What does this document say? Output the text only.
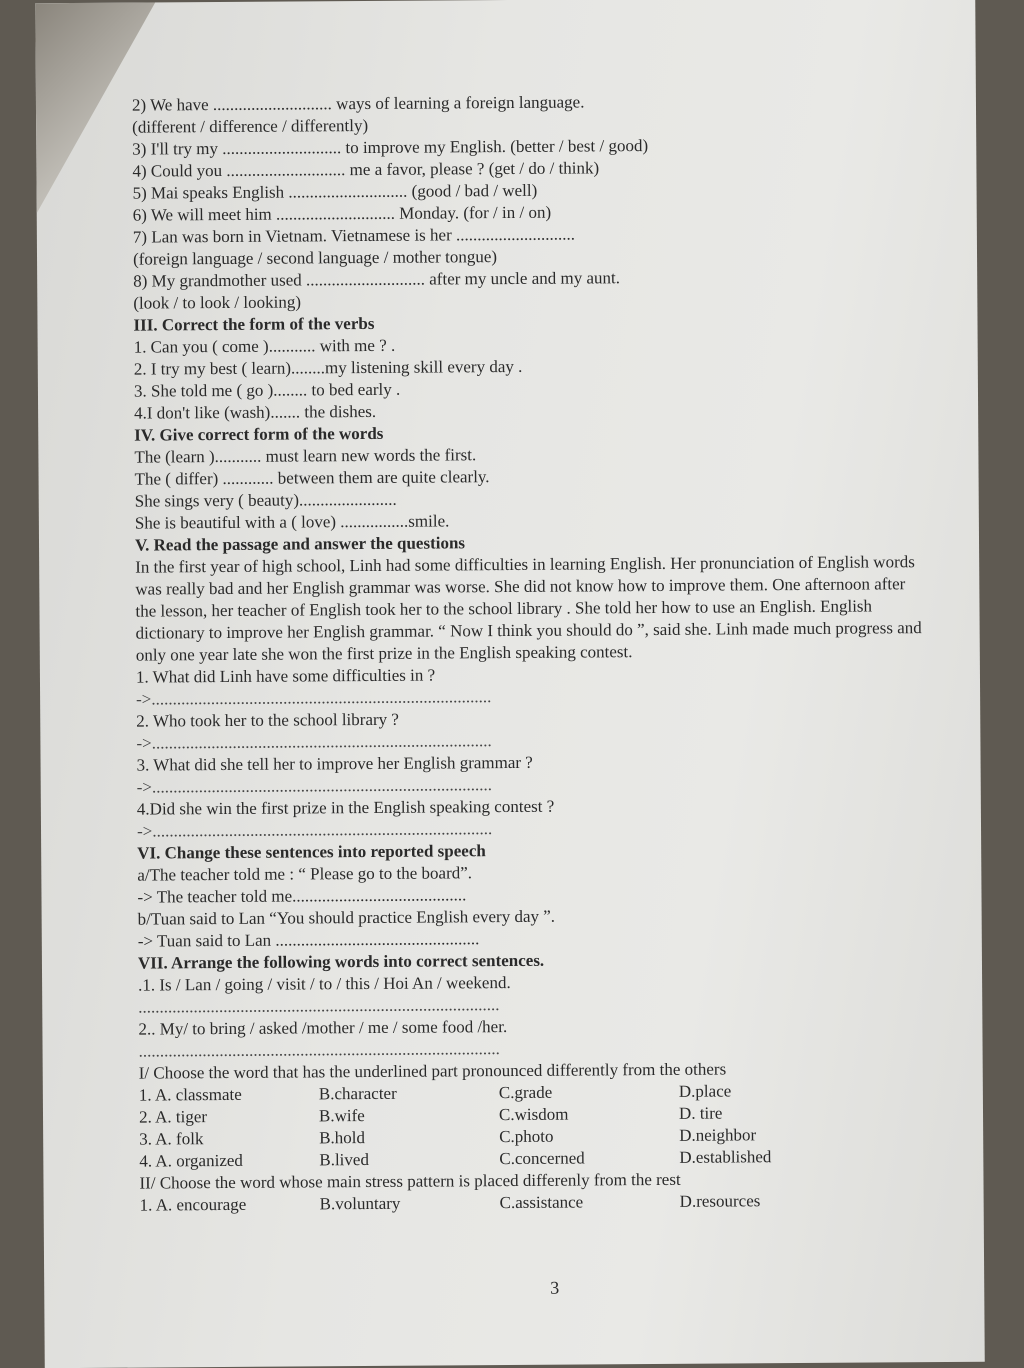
2) We have ............................ ways of learning a foreign language.
(different / difference / differently)
3) I'll try my ............................ to improve my English. (better / best / good)
4) Could you ............................ me a favor, please ? (get / do / think)
5) Mai speaks English ............................ (good / bad / well)
6) We will meet him ............................ Monday. (for / in / on)
7) Lan was born in Vietnam. Vietnamese is her ............................
(foreign language / second language / mother tongue)
8) My grandmother used ............................ after my uncle and my aunt.
(look / to look / looking)
III. Correct the form of the verbs
1. Can you ( come )........... with me ? .
2. I try my best ( learn)........my listening skill every day .
3. She told me ( go )........ to bed early .
4.I don't like (wash)....... the dishes.
IV. Give correct form of the words
The (learn )........... must learn new words the first.
The ( differ) ............ between them are quite clearly.
She sings very ( beauty).......................
She is beautiful with a ( love) ................smile.
V. Read the passage and answer the questions
In the first year of high school, Linh had some difficulties in learning English. Her pronunciation of English words was really bad and her English grammar was worse. She did not know how to improve them. One afternoon after the lesson, her teacher of English took her to the school library . She told her how to use an English. English dictionary to improve her English grammar. “ Now I think you should do ”, said she. Linh made much progress and only one year late she won the first prize in the English speaking contest.
1. What did Linh have some difficulties in ?
->................................................................................
2. Who took her to the school library ?
->................................................................................
3. What did she tell her to improve her English grammar ?
->................................................................................
4.Did she win the first prize in the English speaking contest ?
->................................................................................
VI. Change these sentences into reported speech
a/The teacher told me : “ Please go to the board”.
-> The teacher told me.........................................
b/Tuan said to Lan “You should practice English every day ”.
-> Tuan said to Lan ................................................
VII. Arrange the following words into correct sentences.
.1. Is / Lan / going / visit / to / this / Hoi An / weekend.
.....................................................................................
2.. My/ to bring / asked /mother / me / some food /her.
.....................................................................................
I/ Choose the word that has the underlined part pronounced differently from the others
1. A. classmate	B.character	C.grade	D.place
2. A. tiger	B.wife	C.wisdom	D. tire
3. A. folk	B.hold	C.photo	D.neighbor
4. A. organized	B.lived	C.concerned	D.established
II/ Choose the word whose main stress pattern is placed differenly from the rest
1. A. encourage	B.voluntary	C.assistance	D.resources
3
